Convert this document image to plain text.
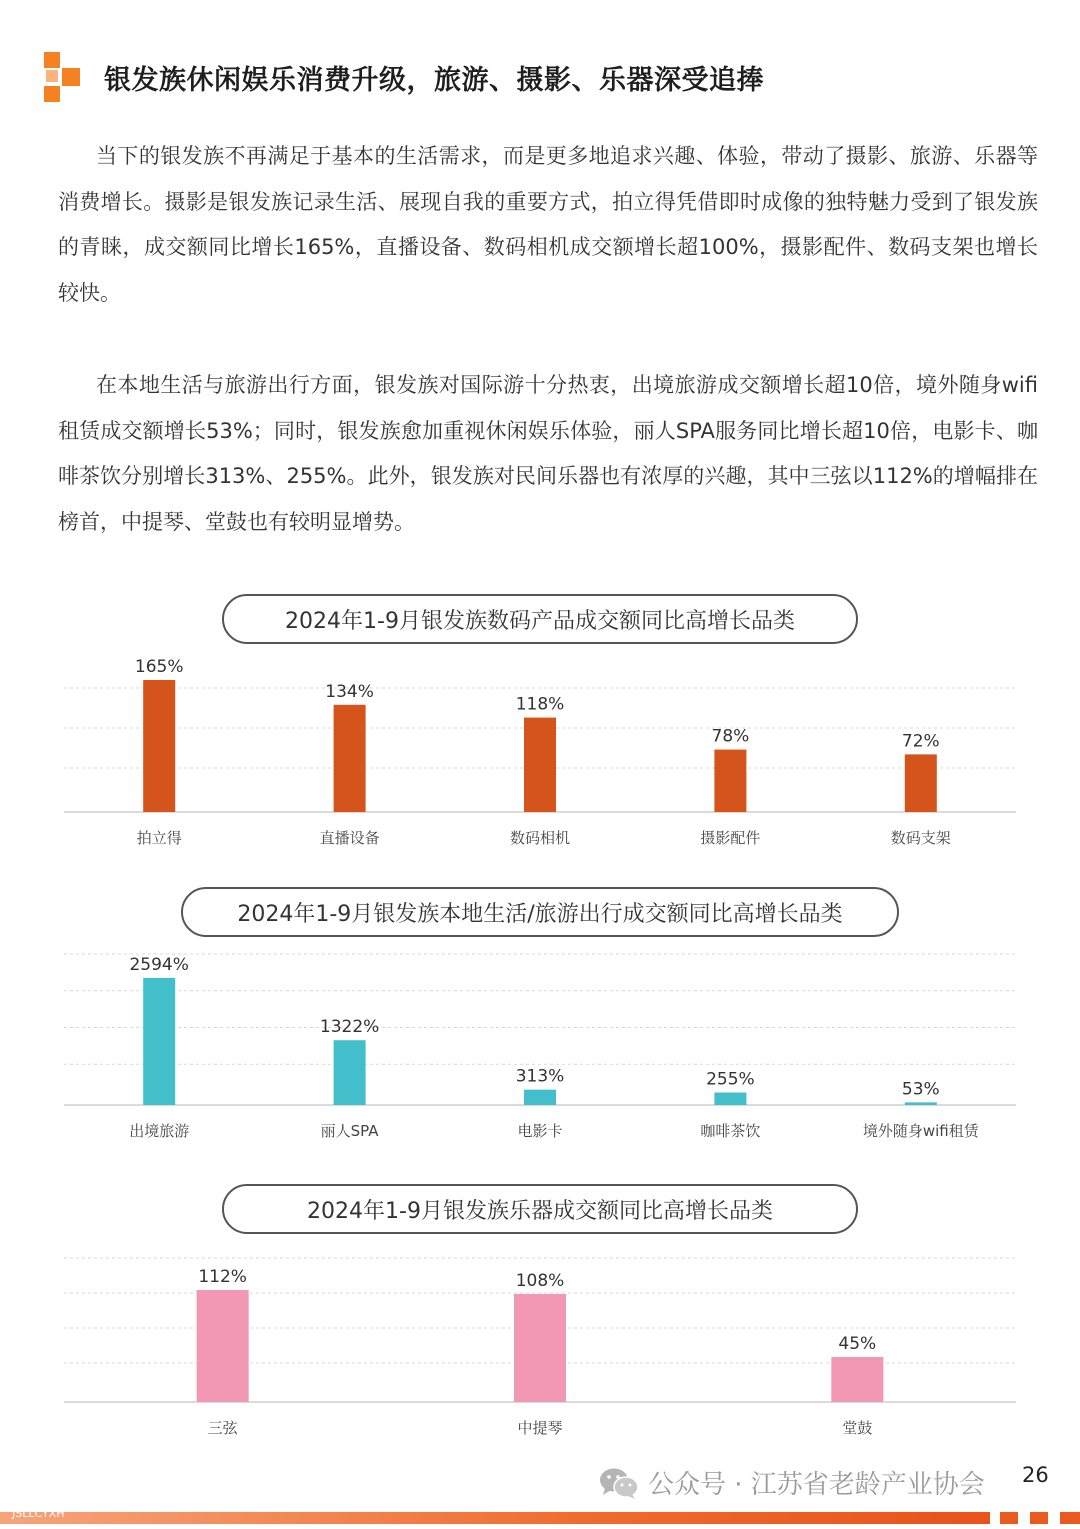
银发族休闲娱乐消费升级，旅游、摄影、乐器深受追捧

当下的银发族不再满足于基本的生活需求，而是更多地追求兴趣、体验，带动了摄影、旅游、乐器等消费增长。摄影是银发族记录生活、展现自我的重要方式，拍立得凭借即时成像的独特魅力受到了银发族的青睐，成交额同比增长165%，直播设备、数码相机成交额增长超100%，摄影配件、数码支架也增长较快。

在本地生活与旅游出行方面，银发族对国际游十分热衷，出境旅游成交额增长超10倍，境外随身wifi租赁成交额增长53%；同时，银发族愈加重视休闲娱乐体验，丽人SPA服务同比增长超10倍，电影卡、咖啡茶饮分别增长313%、255%。此外，银发族对民间乐器也有浓厚的兴趣，其中三弦以112%的增幅排在榜首，中提琴、堂鼓也有较明显增势。

2024年1-9月银发族数码产品成交额同比高增长品类
165%
拍立得
134%
直播设备
118%
数码相机
78%
摄影配件
72%
数码支架
2024年1-9月银发族本地生活/旅游出行成交额同比高增长品类
2594%
出境旅游
1322%
丽人SPA
313%
电影卡
255%
咖啡茶饮
53%
境外随身wifi租赁
2024年1-9月银发族乐器成交额同比高增长品类
112%
三弦
108%
中提琴
45%
堂鼓
公众号 · 江苏省老龄产业协会 26
JSLLCYXH
